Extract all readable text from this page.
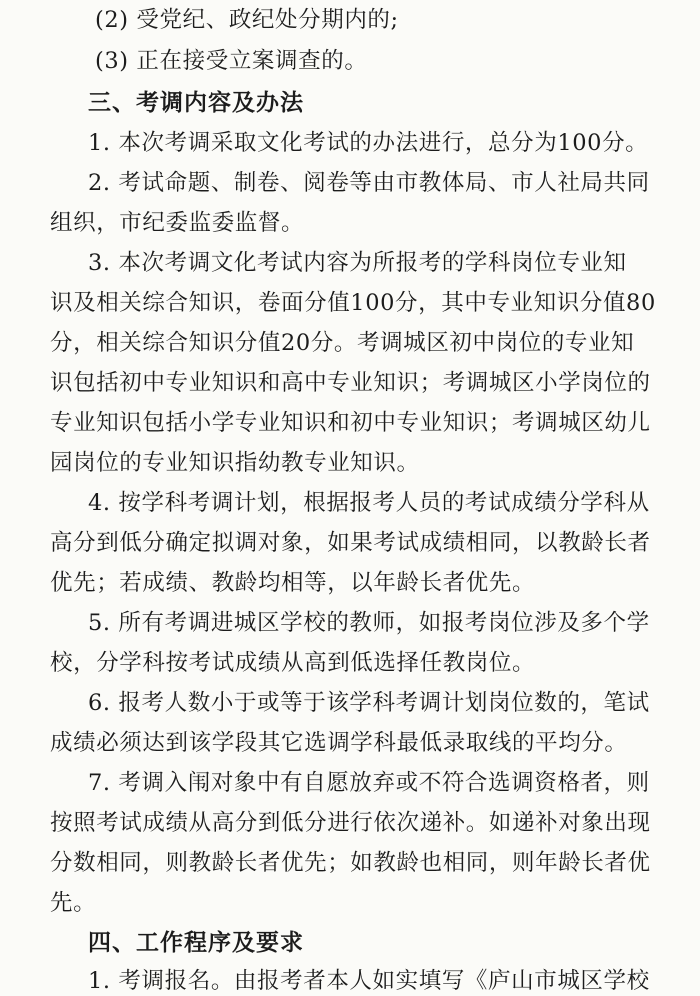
(2) 受党纪、政纪处分期内的;
(3) 正在接受立案调查的。
三、考调内容及办法
1. 本次考调采取文化考试的办法进行，总分为100分。
2. 考试命题、制卷、阅卷等由市教体局、市人社局共同
组织，市纪委监委监督。
3. 本次考调文化考试内容为所报考的学科岗位专业知
识及相关综合知识，卷面分值100分，其中专业知识分值80
分，相关综合知识分值20分。考调城区初中岗位的专业知
识包括初中专业知识和高中专业知识；考调城区小学岗位的
专业知识包括小学专业知识和初中专业知识；考调城区幼儿
园岗位的专业知识指幼教专业知识。
4. 按学科考调计划，根据报考人员的考试成绩分学科从
高分到低分确定拟调对象，如果考试成绩相同，以教龄长者
优先；若成绩、教龄均相等，以年龄长者优先。
5. 所有考调进城区学校的教师，如报考岗位涉及多个学
校，分学科按考试成绩从高到低选择任教岗位。
6. 报考人数小于或等于该学科考调计划岗位数的，笔试
成绩必须达到该学段其它选调学科最低录取线的平均分。
7. 考调入闱对象中有自愿放弃或不符合选调资格者，则
按照考试成绩从高分到低分进行依次递补。如递补对象出现
分数相同，则教龄长者优先；如教龄也相同，则年龄长者优
先。
四、工作程序及要求
1. 考调报名。由报考者本人如实填写《庐山市城区学校
